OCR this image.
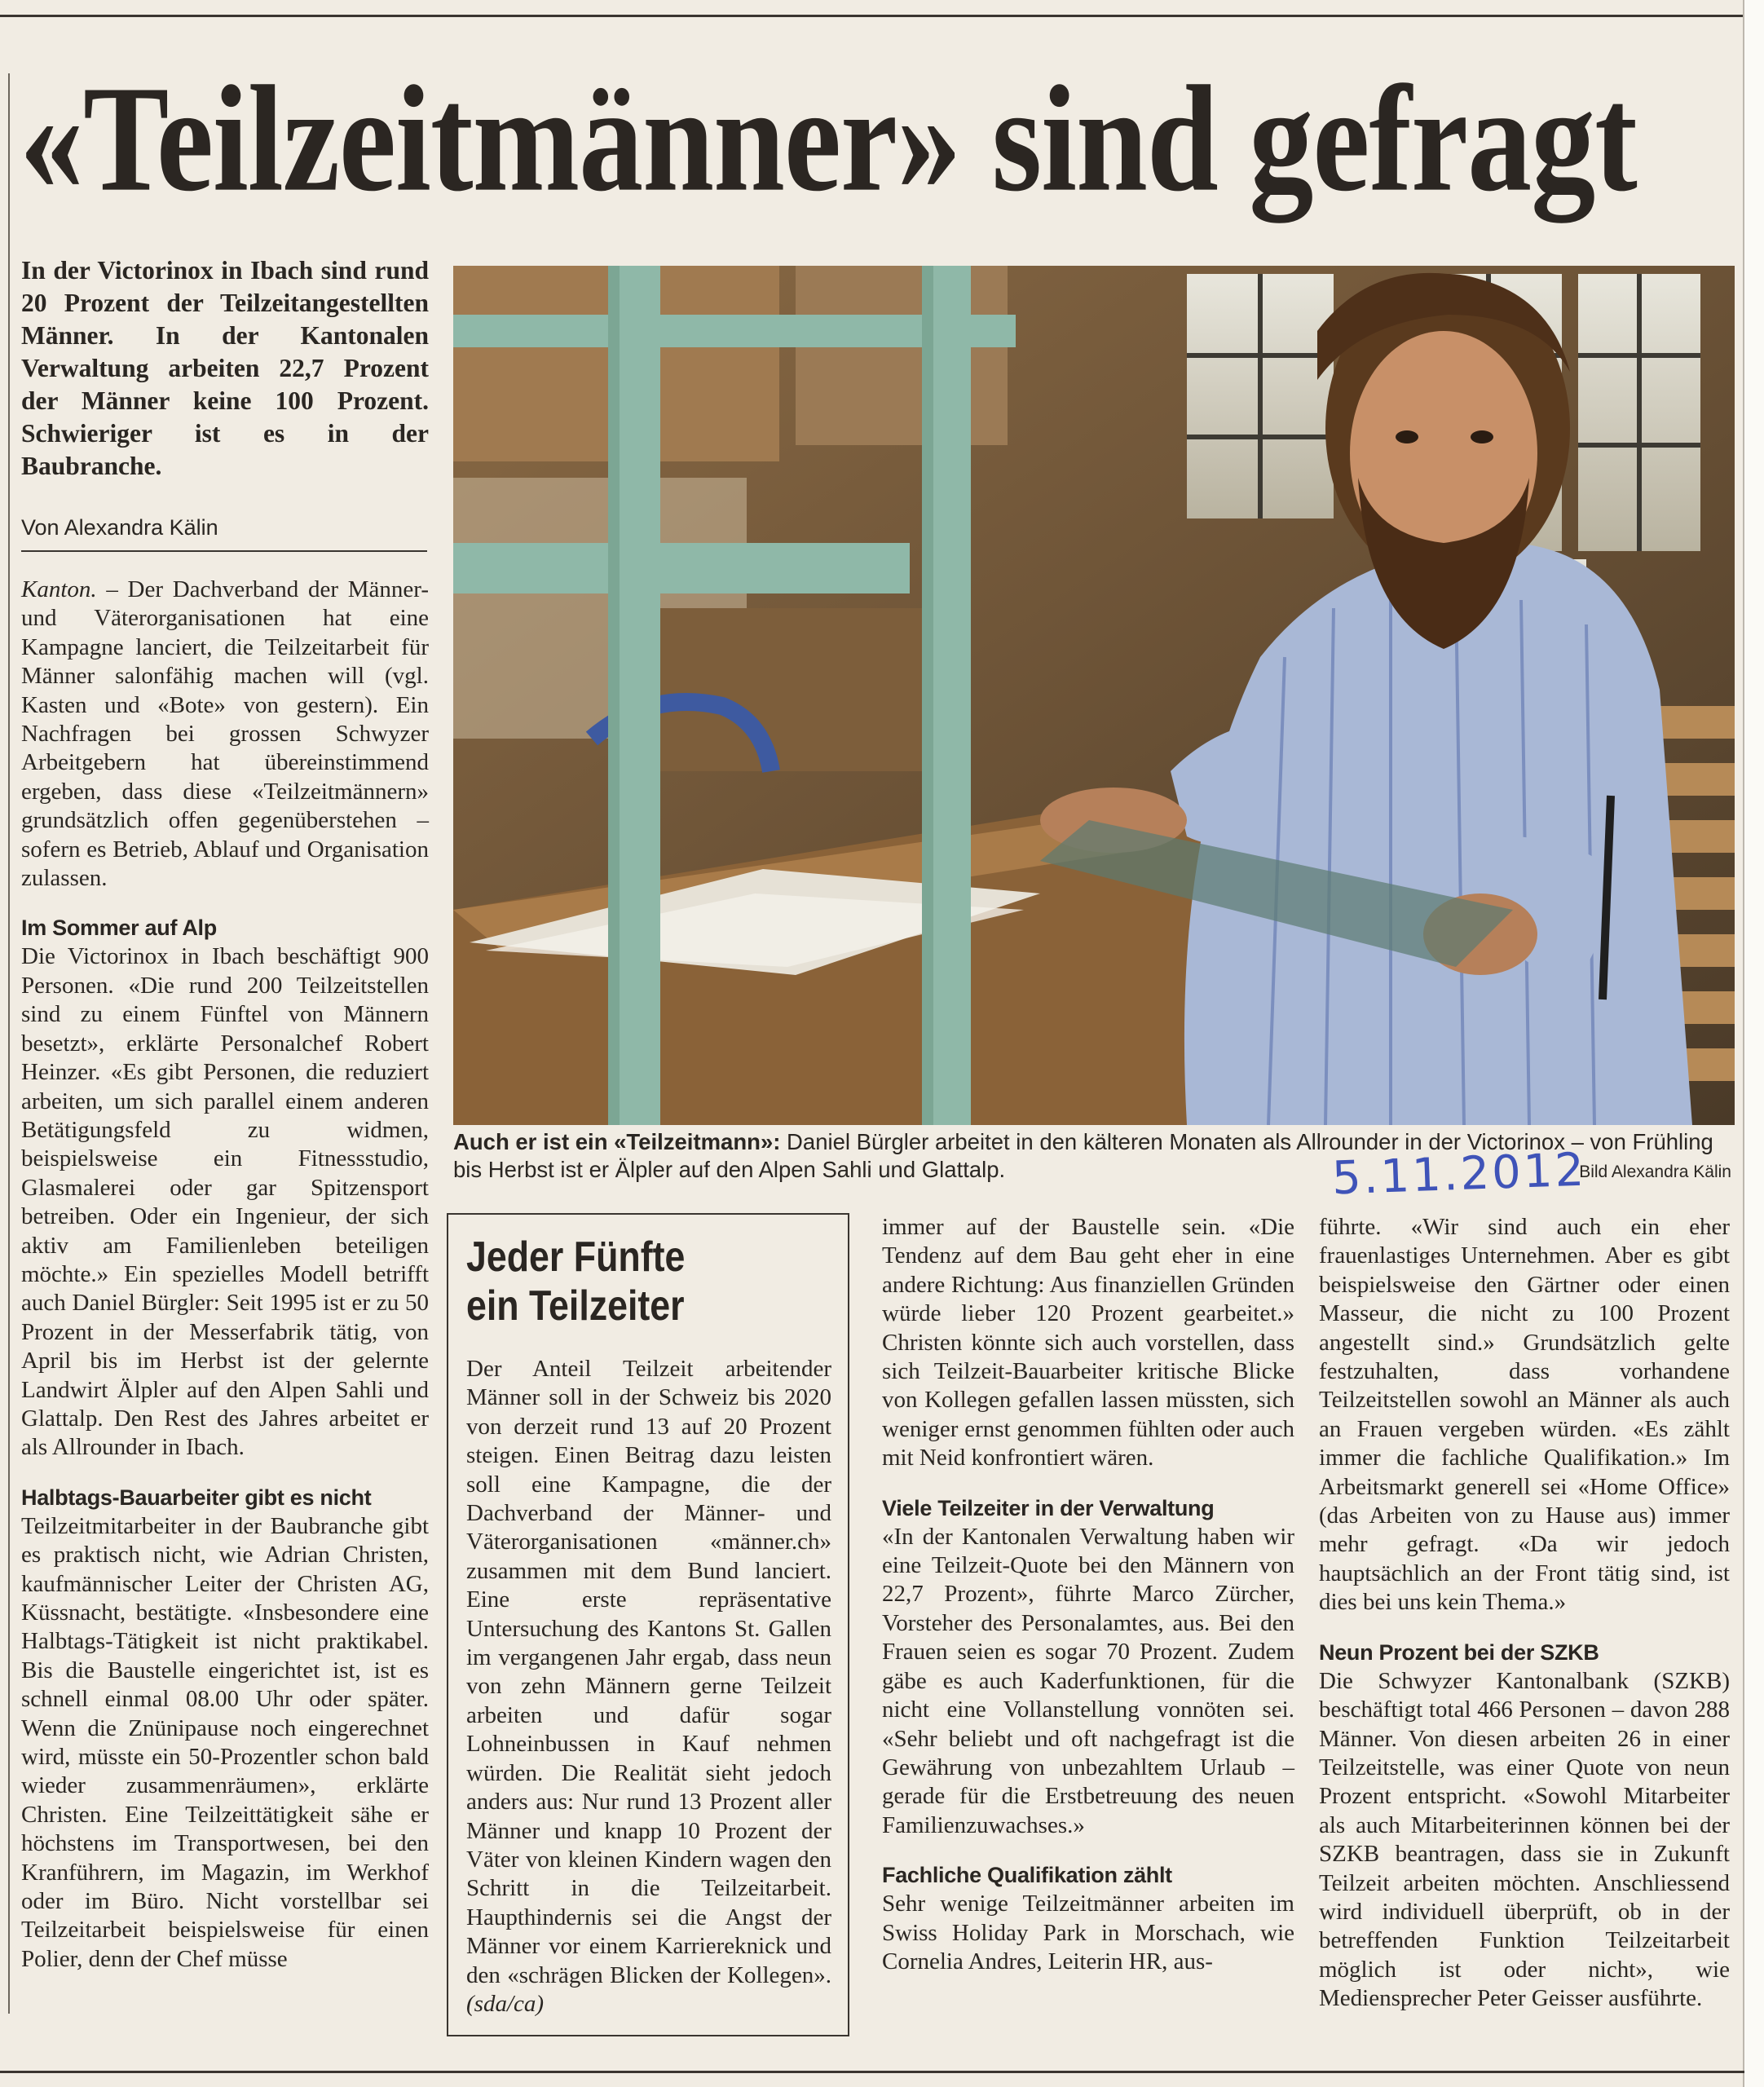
«Teilzeitmänner» sind gefragt
In der Victorinox in Ibach sind rund 20 Prozent der Teilzeitangestellten Männer. In der Kantonalen Verwaltung arbeiten 22,7 Prozent der Männer keine 100 Prozent. Schwieriger ist es in der Baubranche.
Von Alexandra Kälin

Kanton. – Der Dachverband der Männer- und Väterorganisationen hat eine Kampagne lanciert, die Teilzeitarbeit für Männer salonfähig machen will (vgl. Kasten und «Bote» von gestern). Ein Nachfragen bei grossen Schwyzer Arbeitgebern hat übereinstimmend ergeben, dass diese «Teilzeitmännern» grundsätzlich offen gegenüberstehen – sofern es Betrieb, Ablauf und Organisation zulassen.

Im Sommer auf Alp

Die Victorinox in Ibach beschäftigt 900 Personen. «Die rund 200 Teilzeitstellen sind zu einem Fünftel von Männern besetzt», erklärte Personalchef Robert Heinzer. «Es gibt Personen, die reduziert arbeiten, um sich parallel einem anderen Betätigungsfeld zu widmen, beispielsweise ein Fitnessstudio, Glasmalerei oder gar Spitzensport betreiben. Oder ein Ingenieur, der sich aktiv am Familienleben beteiligen möchte.» Ein spezielles Modell betrifft auch Daniel Bürgler: Seit 1995 ist er zu 50 Prozent in der Messerfabrik tätig, von April bis im Herbst ist der gelernte Landwirt Älpler auf den Alpen Sahli und Glattalp. Den Rest des Jahres arbeitet er als Allrounder in Ibach.

Halbtags-Bauarbeiter gibt es nicht

Teilzeitmitarbeiter in der Baubranche gibt es praktisch nicht, wie Adrian Christen, kaufmännischer Leiter der Christen AG, Küssnacht, bestätigte. «Insbesondere eine Halbtags-Tätigkeit ist nicht praktikabel. Bis die Baustelle eingerichtet ist, ist es schnell einmal 08.00 Uhr oder später. Wenn die Znünipause noch eingerechnet wird, müsste ein 50-Prozentler schon bald wieder zusammenräumen», erklärte Christen. Eine Teilzeittätigkeit sähe er höchstens im Transportwesen, bei den Kranführern, im Magazin, im Werkhof oder im Büro. Nicht vorstellbar sei Teilzeitarbeit beispielsweise für einen Polier, denn der Chef müsse

Auch er ist ein «Teilzeitmann»: Daniel Bürgler arbeitet in den kälteren Monaten als Allrounder in der Victorinox – von Frühling bis Herbst ist er Älpler auf den Alpen Sahli und Glattalp.	Bild Alexandra Kälin
5.11.2012
Jeder Fünfte
ein Teilzeiter

Der Anteil Teilzeit arbeitender Männer soll in der Schweiz bis 2020 von derzeit rund 13 auf 20 Prozent steigen. Einen Beitrag dazu leisten soll eine Kampagne, die der Dachverband der Männer- und Väterorganisationen «männer.ch» zusammen mit dem Bund lanciert. Eine erste repräsentative Untersuchung des Kantons St. Gallen im vergangenen Jahr ergab, dass neun von zehn Männern gerne Teilzeit arbeiten und dafür sogar Lohneinbussen in Kauf nehmen würden. Die Realität sieht jedoch anders aus: Nur rund 13 Prozent aller Männer und knapp 10 Prozent der Väter von kleinen Kindern wagen den Schritt in die Teilzeitarbeit. Haupthindernis sei die Angst der Männer vor einem Karriereknick und den «schrägen Blicken der Kollegen». (sda/ca)

immer auf der Baustelle sein. «Die Tendenz auf dem Bau geht eher in eine andere Richtung: Aus finanziellen Gründen würde lieber 120 Prozent gearbeitet.» Christen könnte sich auch vorstellen, dass sich Teilzeit-Bauarbeiter kritische Blicke von Kollegen gefallen lassen müssten, sich weniger ernst genommen fühlten oder auch mit Neid konfrontiert wären.

Viele Teilzeiter in der Verwaltung

«In der Kantonalen Verwaltung haben wir eine Teilzeit-Quote bei den Männern von 22,7 Prozent», führte Marco Zürcher, Vorsteher des Personalamtes, aus. Bei den Frauen seien es sogar 70 Prozent. Zudem gäbe es auch Kaderfunktionen, für die nicht eine Vollanstellung vonnöten sei. «Sehr beliebt und oft nachgefragt ist die Gewährung von unbezahltem Urlaub – gerade für die Erstbetreuung des neuen Familienzuwachses.»

Fachliche Qualifikation zählt

Sehr wenige Teilzeitmänner arbeiten im Swiss Holiday Park in Morschach, wie Cornelia Andres, Leiterin HR, aus-

führte. «Wir sind auch ein eher frauenlastiges Unternehmen. Aber es gibt beispielsweise den Gärtner oder einen Masseur, die nicht zu 100 Prozent angestellt sind.» Grundsätzlich gelte festzuhalten, dass vorhandene Teilzeitstellen sowohl an Männer als auch an Frauen vergeben würden. «Es zählt immer die fachliche Qualifikation.» Im Arbeitsmarkt generell sei «Home Office» (das Arbeiten von zu Hause aus) immer mehr gefragt. «Da wir jedoch hauptsächlich an der Front tätig sind, ist dies bei uns kein Thema.»

Neun Prozent bei der SZKB

Die Schwyzer Kantonalbank (SZKB) beschäftigt total 466 Personen – davon 288 Männer. Von diesen arbeiten 26 in einer Teilzeitstelle, was einer Quote von neun Prozent entspricht. «Sowohl Mitarbeiter als auch Mitarbeiterinnen können bei der SZKB beantragen, dass sie in Zukunft Teilzeit arbeiten möchten. Anschliessend wird individuell überprüft, ob in der betreffenden Funktion Teilzeitarbeit möglich ist oder nicht», wie Mediensprecher Peter Geisser ausführte.
